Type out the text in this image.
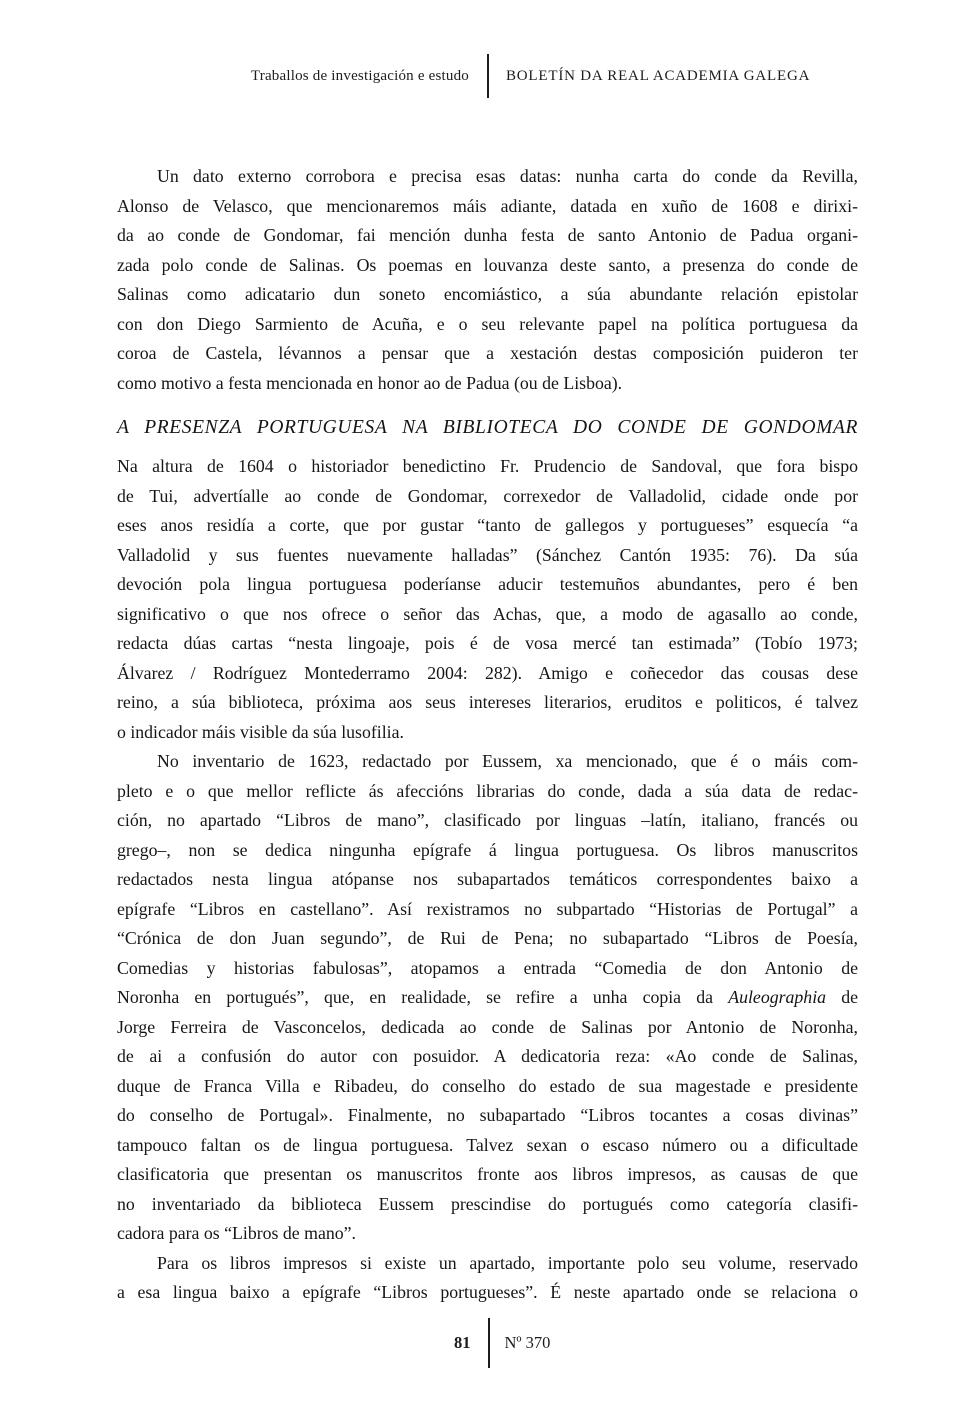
Traballos de investigación e estudo	BOLETÍN DA REAL ACADEMIA GALEGA
Un dato externo corrobora e precisa esas datas: nunha carta do conde da Revilla,
Alonso de Velasco, que mencionaremos máis adiante, datada en xuño de 1608 e dirixi-
da ao conde de Gondomar, fai mención dunha festa de santo Antonio de Padua organi-
zada polo conde de Salinas. Os poemas en louvanza deste santo, a presenza do conde de
Salinas como adicatario dun soneto encomiástico, a súa abundante relación epistolar
con don Diego Sarmiento de Acuña, e o seu relevante papel na política portuguesa da
coroa de Castela, lévannos a pensar que a xestación destas composición puideron ter
como motivo a festa mencionada en honor ao de Padua (ou de Lisboa).
A PRESENZA PORTUGUESA NA BIBLIOTECA DO CONDE DE GONDOMAR
Na altura de 1604 o historiador benedictino Fr. Prudencio de Sandoval, que fora bispo
de Tui, advertíalle ao conde de Gondomar, correxedor de Valladolid, cidade onde por
eses anos residía a corte, que por gustar “tanto de gallegos y portugueses” esquecía “a
Valladolid y sus fuentes nuevamente halladas” (Sánchez Cantón 1935: 76). Da súa
devoción pola lingua portuguesa poderíanse aducir testemuños abundantes, pero é ben
significativo o que nos ofrece o señor das Achas, que, a modo de agasallo ao conde,
redacta dúas cartas “nesta lingoaje, pois é de vosa mercé tan estimada” (Tobío 1973;
Álvarez / Rodríguez Montederramo 2004: 282). Amigo e coñecedor das cousas dese
reino, a súa biblioteca, próxima aos seus intereses literarios, eruditos e politicos, é talvez
o indicador máis visible da súa lusofilia.
No inventario de 1623, redactado por Eussem, xa mencionado, que é o máis com-
pleto e o que mellor reflicte ás afeccións librarias do conde, dada a súa data de redac-
ción, no apartado “Libros de mano”, clasificado por linguas –latín, italiano, francés ou
grego–, non se dedica ningunha epígrafe á lingua portuguesa. Os libros manuscritos
redactados nesta lingua atópanse nos subapartados temáticos correspondentes baixo a
epígrafe “Libros en castellano”. Así rexistramos no subpartado “Historias de Portugal” a
“Crónica de don Juan segundo”, de Rui de Pena; no subapartado “Libros de Poesía,
Comedias y historias fabulosas”, atopamos a entrada “Comedia de don Antonio de
Noronha en portugués”, que, en realidade, se refire a unha copia da Auleographia de
Jorge Ferreira de Vasconcelos, dedicada ao conde de Salinas por Antonio de Noronha,
de ai a confusión do autor con posuidor. A dedicatoria reza: «Ao conde de Salinas,
duque de Franca Villa e Ribadeu, do conselho do estado de sua magestade e presidente
do conselho de Portugal». Finalmente, no subapartado “Libros tocantes a cosas divinas”
tampouco faltan os de lingua portuguesa. Talvez sexan o escaso número ou a dificultade
clasificatoria que presentan os manuscritos fronte aos libros impresos, as causas de que
no inventariado da biblioteca Eussem prescindise do portugués como categoría clasifi-
cadora para os “Libros de mano”.
Para os libros impresos si existe un apartado, importante polo seu volume, reservado
a esa lingua baixo a epígrafe “Libros portugueses”. É neste apartado onde se relaciona o
81	Nº 370
